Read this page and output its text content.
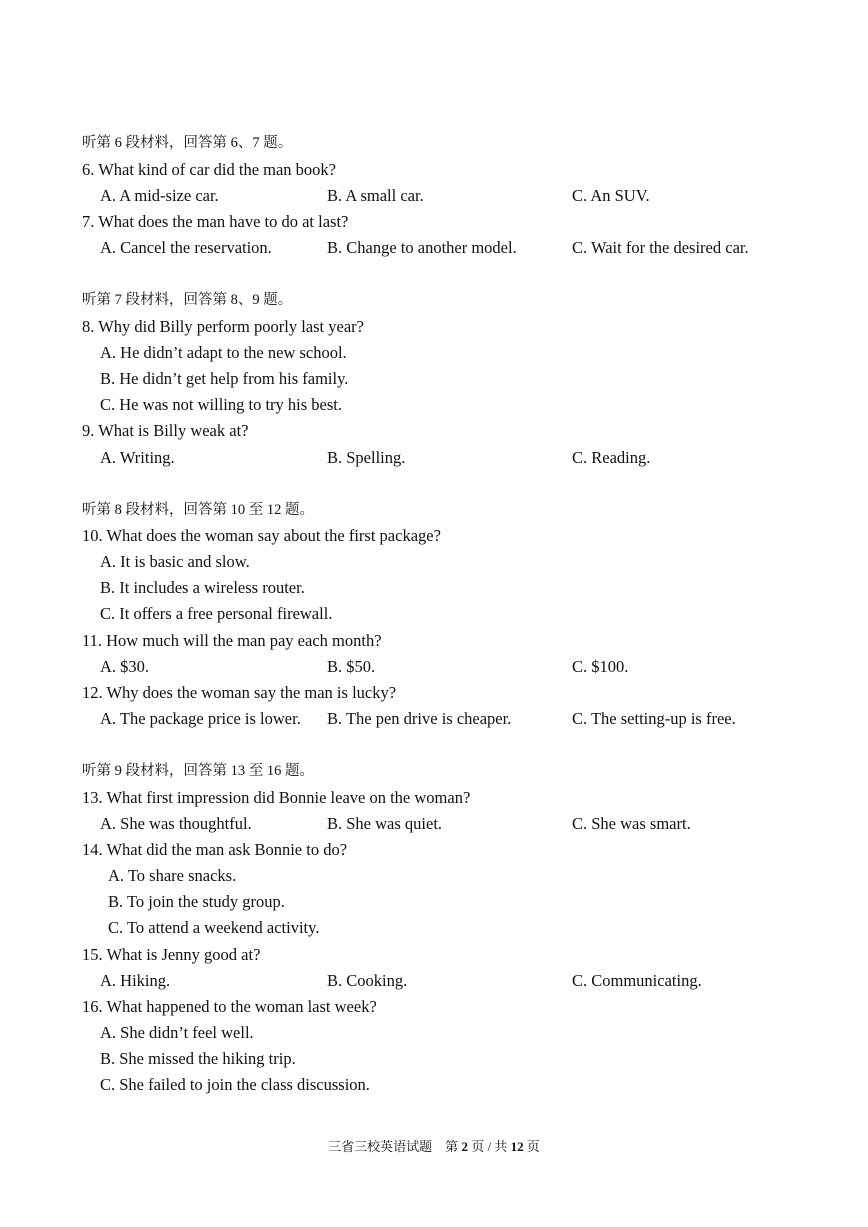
听第 6 段材料，回答第 6、7 题。
6. What kind of car did the man book?
A. A mid-size car.	B. A small car.	C. An SUV.
7. What does the man have to do at last?
A. Cancel the reservation.	B. Change to another model.	C. Wait for the desired car.
听第 7 段材料，回答第 8、9 题。
8. Why did Billy perform poorly last year?
A. He didn’t adapt to the new school.
B. He didn’t get help from his family.
C. He was not willing to try his best.
9. What is Billy weak at?
A. Writing.	B. Spelling.	C. Reading.
听第 8 段材料，回答第 10 至 12 题。
10. What does the woman say about the first package?
A. It is basic and slow.
B. It includes a wireless router.
C. It offers a free personal firewall.
11. How much will the man pay each month?
A. $30.	B. $50.	C. $100.
12. Why does the woman say the man is lucky?
A. The package price is lower. B. The pen drive is cheaper.	C. The setting-up is free.
听第 9 段材料，回答第 13 至 16 题。
13. What first impression did Bonnie leave on the woman?
A. She was thoughtful.	B. She was quiet.	C. She was smart.
14. What did the man ask Bonnie to do?
A. To share snacks.
B. To join the study group.
C. To attend a weekend activity.
15. What is Jenny good at?
A. Hiking.	B. Cooking.	C. Communicating.
16. What happened to the woman last week?
A. She didn’t feel well.
B. She missed the hiking trip.
C. She failed to join the class discussion.
三省三校英语试题　第 2 页 / 共 12 页
